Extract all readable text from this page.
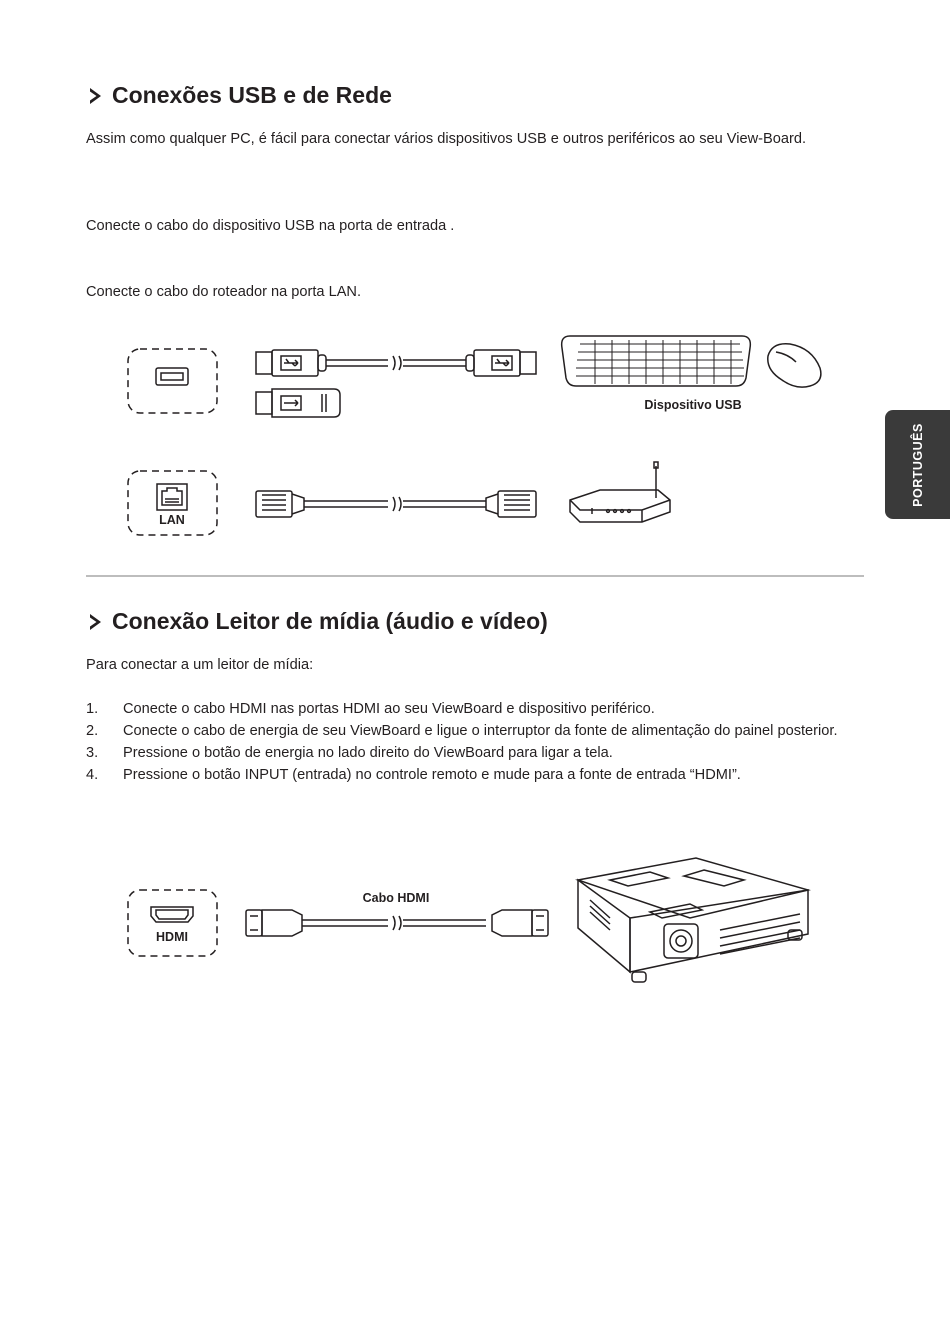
PORTUGUÊS
Conexões USB e de Rede

Assim como qualquer PC, é fácil para conectar vários dispositivos USB e outros periféricos ao seu View-Board.

Conecte o cabo do dispositivo USB na porta de entrada .

Conecte o cabo do roteador na porta LAN.

Dispositivo USB
LAN
Conexão Leitor de mídia (áudio e vídeo)

Para conectar a um leitor de mídia:

1.	Conecte o cabo HDMI nas portas HDMI ao seu ViewBoard e dispositivo periférico.
2.	Conecte o cabo de energia de seu ViewBoard e ligue o interruptor da fonte de alimentação do painel posterior.
3.	Pressione o botão de energia no lado direito do ViewBoard para ligar a tela.
4.	Pressione o botão INPUT (entrada) no controle remoto e mude para a fonte de entrada “HDMI”.
HDMI
Cabo HDMI
